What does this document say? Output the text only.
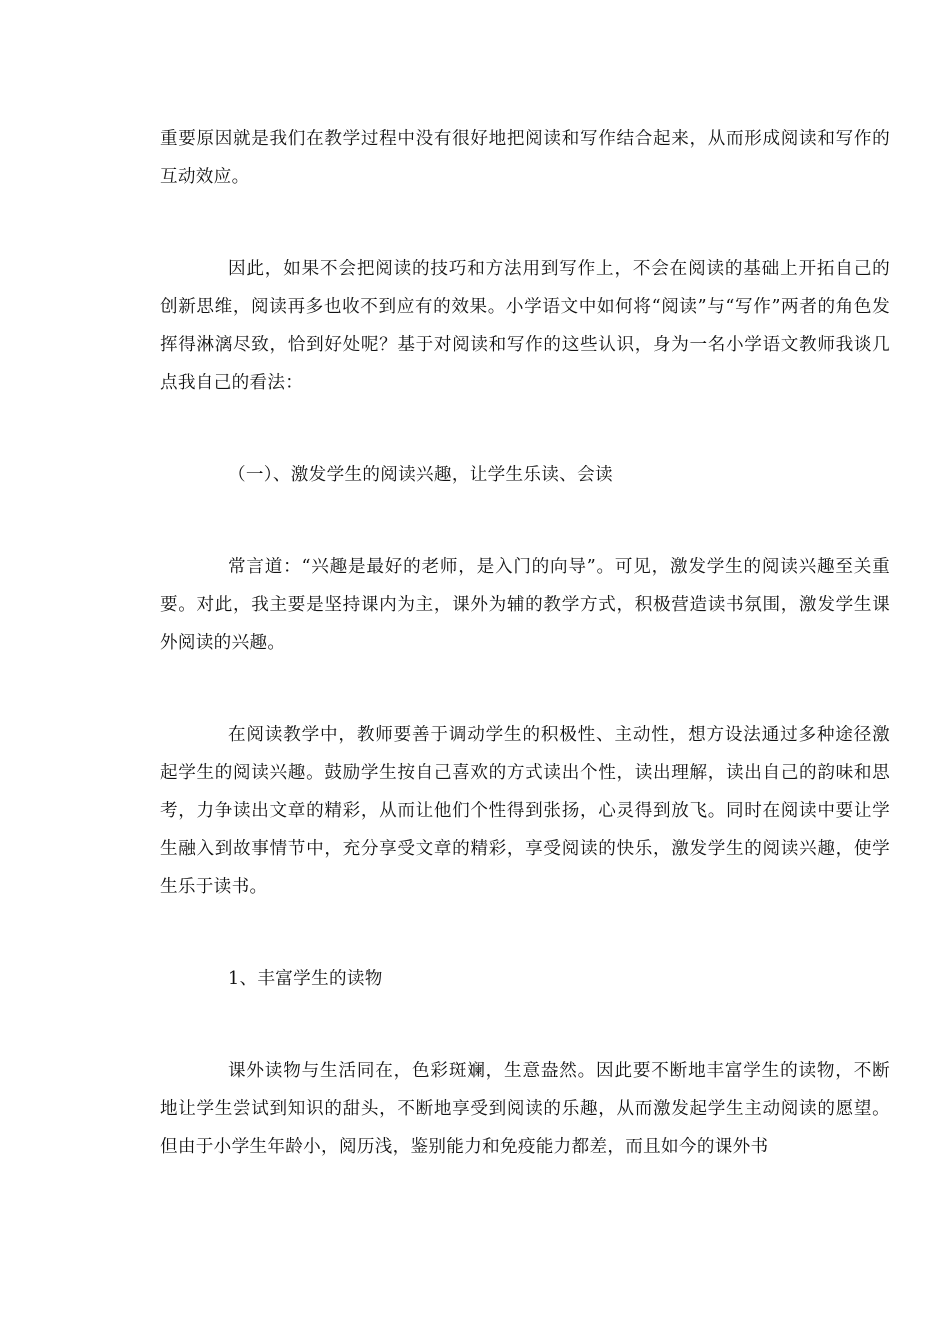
重要原因就是我们在教学过程中没有很好地把阅读和写作结合起来，从而形成阅读和写作的互动效应。

因此，如果不会把阅读的技巧和方法用到写作上，不会在阅读的基础上开拓自己的创新思维，阅读再多也收不到应有的效果。小学语文中如何将“阅读”与“写作”两者的角色发挥得淋漓尽致，恰到好处呢？基于对阅读和写作的这些认识，身为一名小学语文教师我谈几点我自己的看法：

（一）、激发学生的阅读兴趣，让学生乐读、会读

常言道：“兴趣是最好的老师，是入门的向导”。可见，激发学生的阅读兴趣至关重要。对此，我主要是坚持课内为主，课外为辅的教学方式，积极营造读书氛围，激发学生课外阅读的兴趣。

在阅读教学中，教师要善于调动学生的积极性、主动性，想方设法通过多种途径激起学生的阅读兴趣。鼓励学生按自己喜欢的方式读出个性，读出理解，读出自己的韵味和思考，力争读出文章的精彩，从而让他们个性得到张扬，心灵得到放飞。同时在阅读中要让学生融入到故事情节中，充分享受文章的精彩，享受阅读的快乐，激发学生的阅读兴趣，使学生乐于读书。

1、丰富学生的读物

课外读物与生活同在，色彩斑斓，生意盎然。因此要不断地丰富学生的读物，不断地让学生尝试到知识的甜头，不断地享受到阅读的乐趣，从而激发起学生主动阅读的愿望。但由于小学生年龄小，阅历浅，鉴别能力和免疫能力都差，而且如今的课外书
